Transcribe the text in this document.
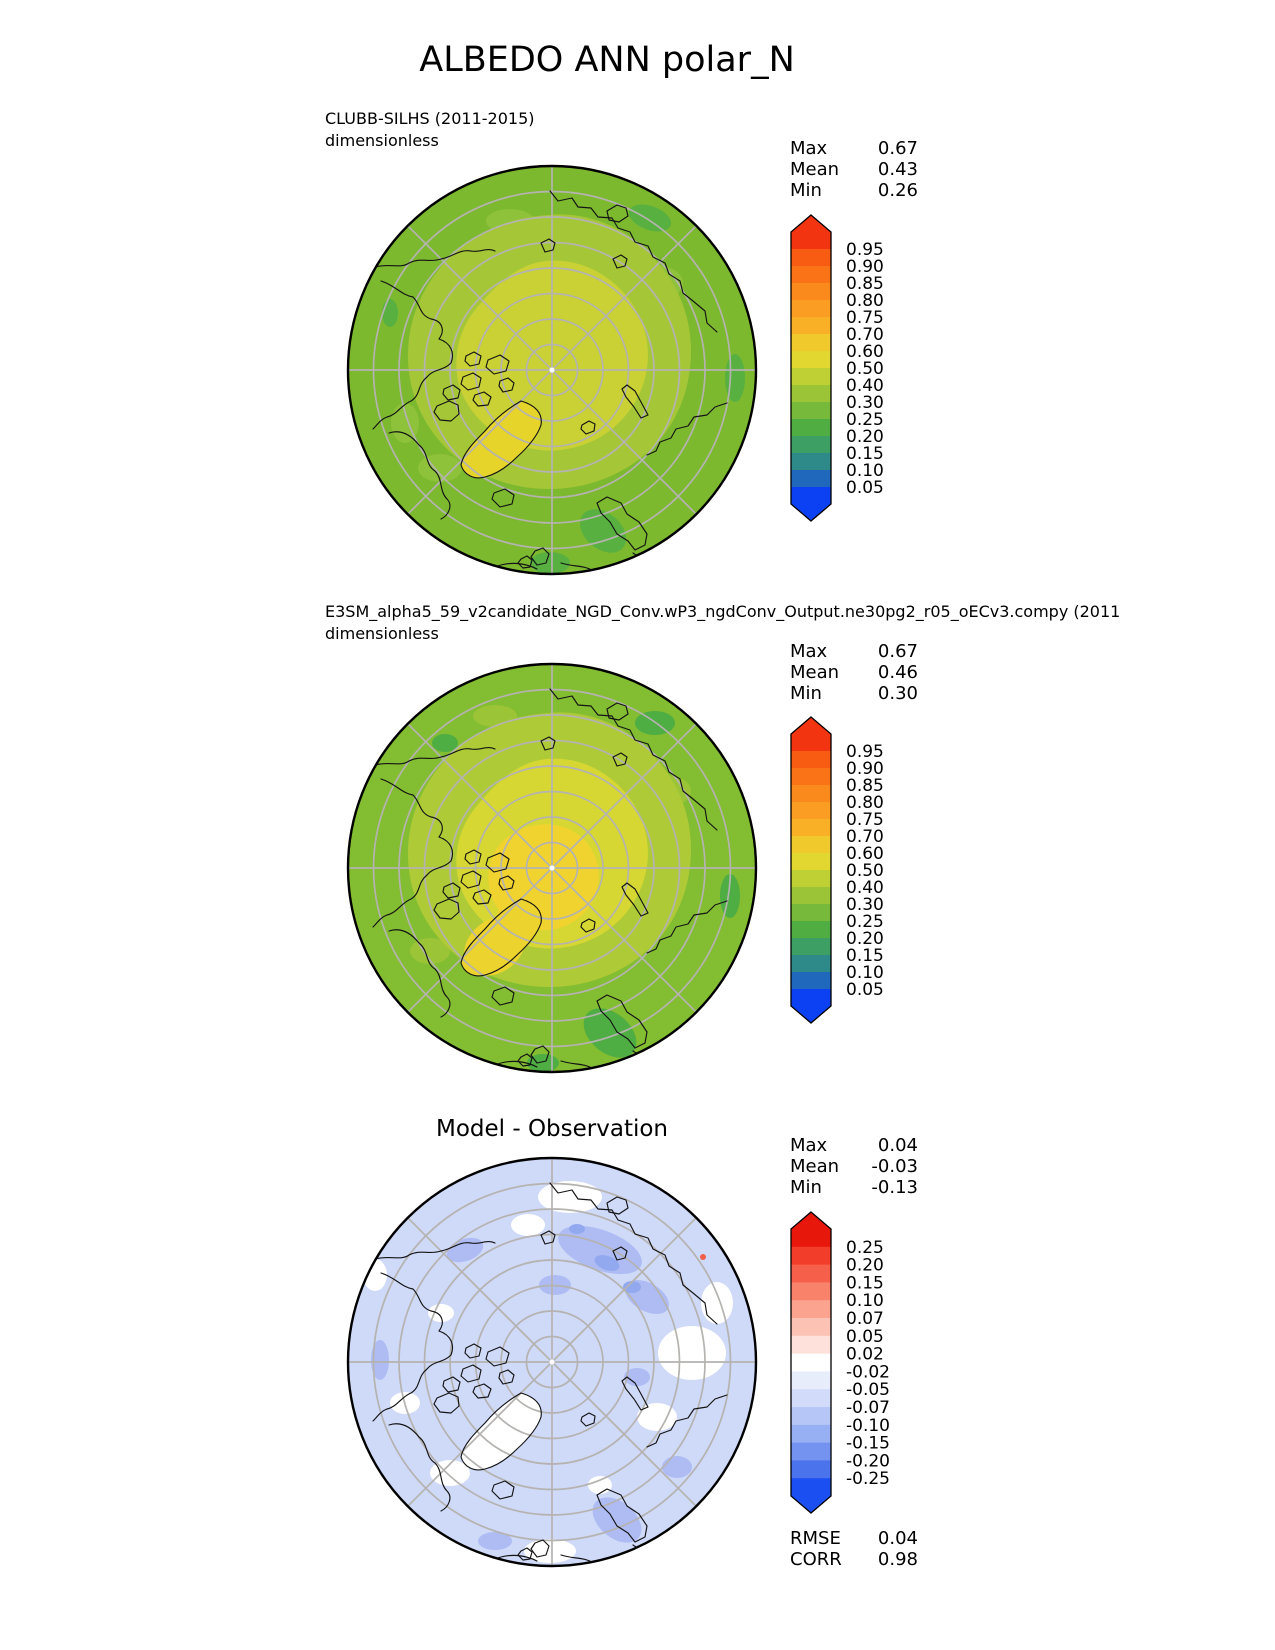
ALBEDO ANN polar_N
CLUBB-SILHS (2011-2015)
dimensionless	Max	0.67
Mean	0.43
Min	0.26
0.95
0.90
0.85
0.80
0.75
0.70
0.60
0.50
0.40
0.30
0.25
0.20
0.15
0.10
0.05
E3SM_alpha5_59_v2candidate_NGD_Conv.wP3_ngdConv_Output.ne30pg2_r05_oECv3.compy (2011
dimensionless
Max	0.67
Mean	0.46
Min	0.30
0.95
0.90
0.85
0.80
0.75
0.70
0.60
0.50
0.40
0.30
0.25
0.20
0.15
0.10
0.05
Model - Observation
Max	0.04
Mean	-0.03
Min	-0.13
0.25
0.20
0.15
0.10
0.07
0.05
0.02
-0.02
-0.05
-0.07
-0.10
-0.15
-0.20
-0.25
RMSE	0.04
CORR	0.98
